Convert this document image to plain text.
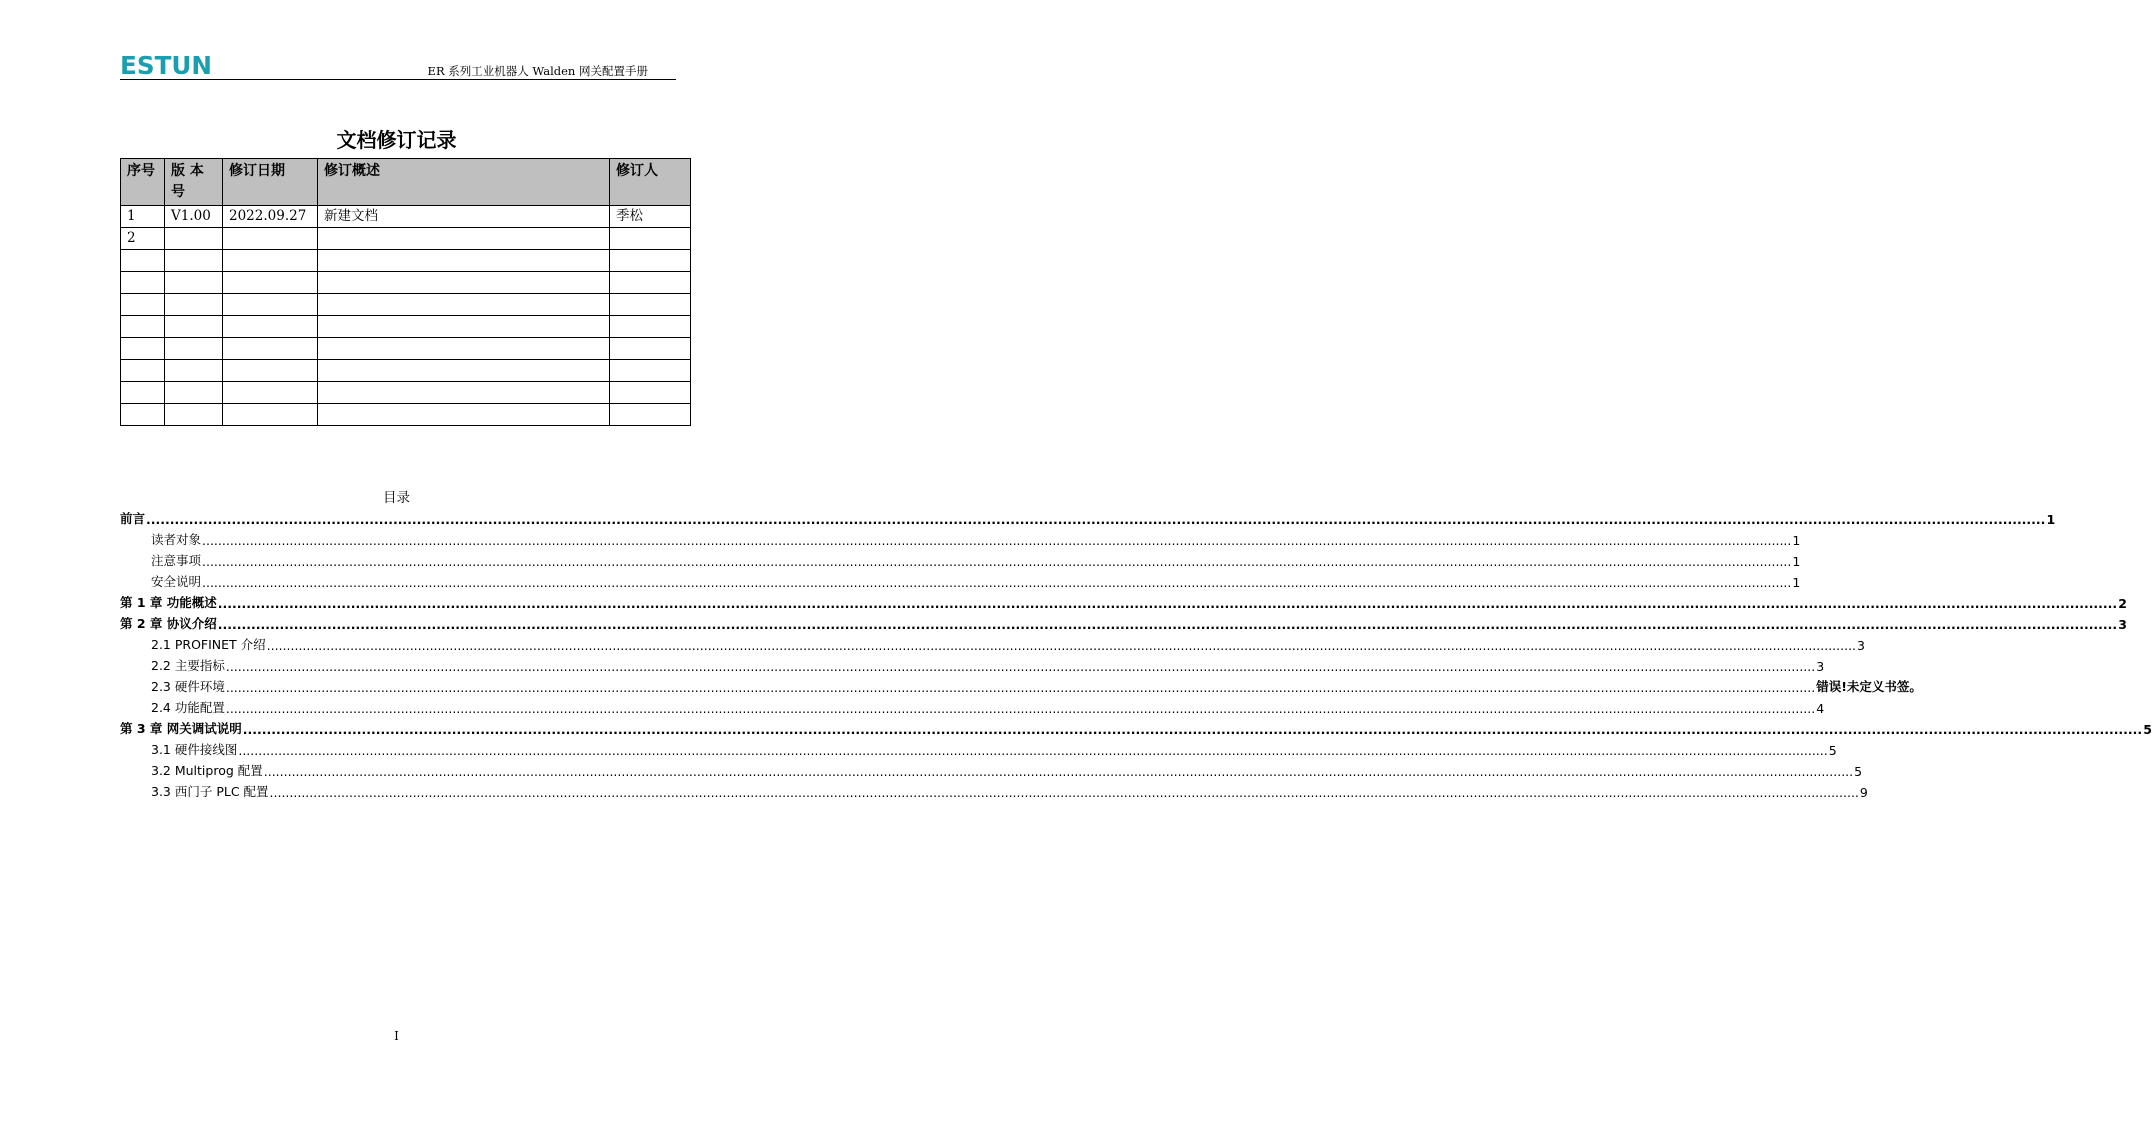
ESTUN	ER 系列工业机器人 Walden 网关配置手册
文档修订记录
序号	版 本号	修订日期	修订概述	修订人
1	V1.00	2022.09.27	新建文档	季松
2				

目录
前言 ................................................................................................................................................................................................................................................................................................................................................................................................................ 1
读者对象 ................................................................................................................................................................................................................................................................................................................................................................................................................ 1
注意事项 ................................................................................................................................................................................................................................................................................................................................................................................................................ 1
安全说明 ................................................................................................................................................................................................................................................................................................................................................................................................................ 1
第 1 章 功能概述 ................................................................................................................................................................................................................................................................................................................................................................................................................ 2
第 2 章 协议介绍 ................................................................................................................................................................................................................................................................................................................................................................................................................ 3
2.1 PROFINET 介绍 ................................................................................................................................................................................................................................................................................................................................................................................................................ 3
2.2 主要指标 ................................................................................................................................................................................................................................................................................................................................................................................................................ 3
2.3 硬件环境 ................................................................................................................................................................................................................................................................................................................................................................................................................ 错误!未定义书签。
2.4 功能配置 ................................................................................................................................................................................................................................................................................................................................................................................................................ 4
第 3 章 网关调试说明 ................................................................................................................................................................................................................................................................................................................................................................................................................ 5
3.1 硬件接线图 ................................................................................................................................................................................................................................................................................................................................................................................................................ 5
3.2 Multiprog 配置 ................................................................................................................................................................................................................................................................................................................................................................................................................ 5
3.3 西门子 PLC 配置 ................................................................................................................................................................................................................................................................................................................................................................................................................ 9
I
